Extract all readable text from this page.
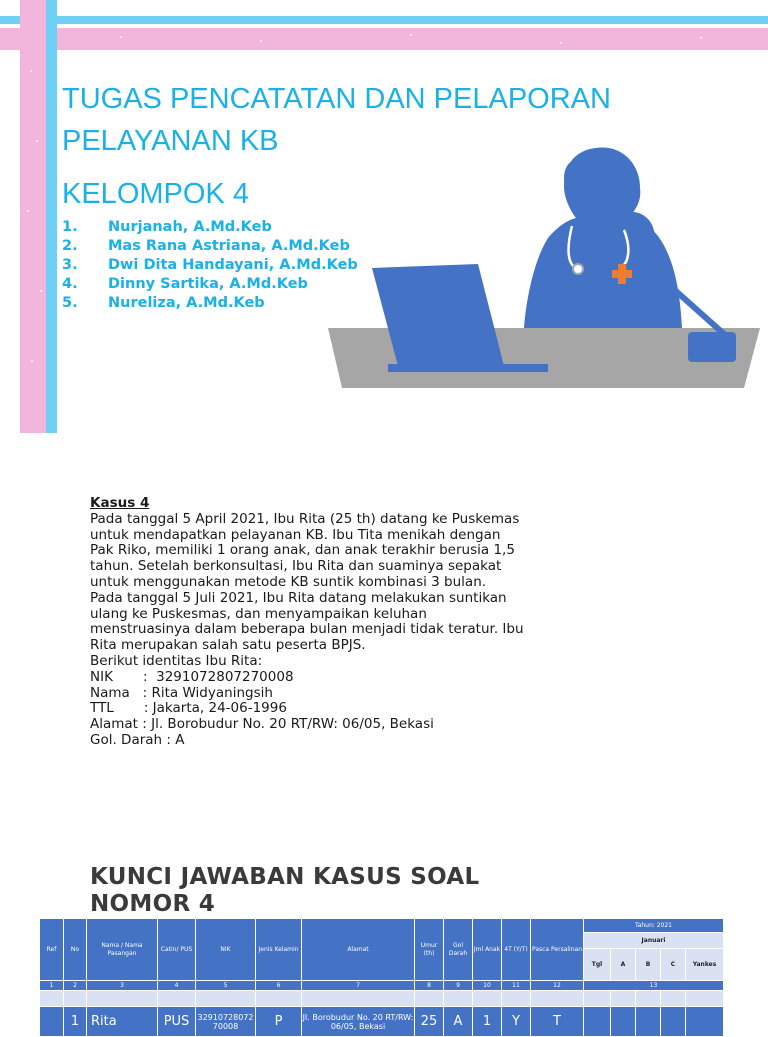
TUGAS PENCATATAN DAN PELAPORAN
PELAYANAN KB
KELOMPOK 4
1.	Nurjanah, A.Md.Keb
2.	Mas Rana Astriana, A.Md.Keb
3.	Dwi Dita Handayani, A.Md.Keb
4.	Dinny Sartika, A.Md.Keb
5.	Nureliza, A.Md.Keb
Kasus 4

Pada tanggal 5 April 2021, Ibu Rita (25 th) datang ke Puskemas

untuk mendapatkan pelayanan KB. Ibu Tita menikah dengan

Pak Riko, memiliki 1 orang anak, dan anak terakhir berusia 1,5

tahun. Setelah berkonsultasi, Ibu Rita dan suaminya sepakat

untuk menggunakan metode KB suntik kombinasi 3 bulan.

Pada tanggal 5 Juli 2021, Ibu Rita datang melakukan suntikan

ulang ke Puskesmas, dan menyampaikan keluhan

menstruasinya dalam beberapa bulan menjadi tidak teratur. Ibu

Rita merupakan salah satu peserta BPJS.

Berikut identitas Ibu Rita:

NIK :  3291072807270008
Nama : Rita Widyaningsih
TTL : Jakarta, 24-06-1996
Alamat : Jl. Borobudur No. 20 RT/RW: 06/05, Bekasi
Gol. Darah : A
KUNCI JAWABAN KASUS SOAL NOMOR 4
Ref	No	Nama / Nama Pasangan	Catin/ PUS	NIK	Jenis Kelamin	Alamat	Umur (th)	Gol Darah	Jml Anak	4T (Y/T)	Pasca Persalinan	Tahun: 2021				
												Januari				
												Tgl	A	B	C	Yankes
1	2	3	4	5	6	7	8	9	10	11	12	13				

	1	Rita	PUS	32910728072 70008	P	Jl. Borobudur No. 20 RT/RW: 06/05, Bekasi	25	A	1	Y	T					
